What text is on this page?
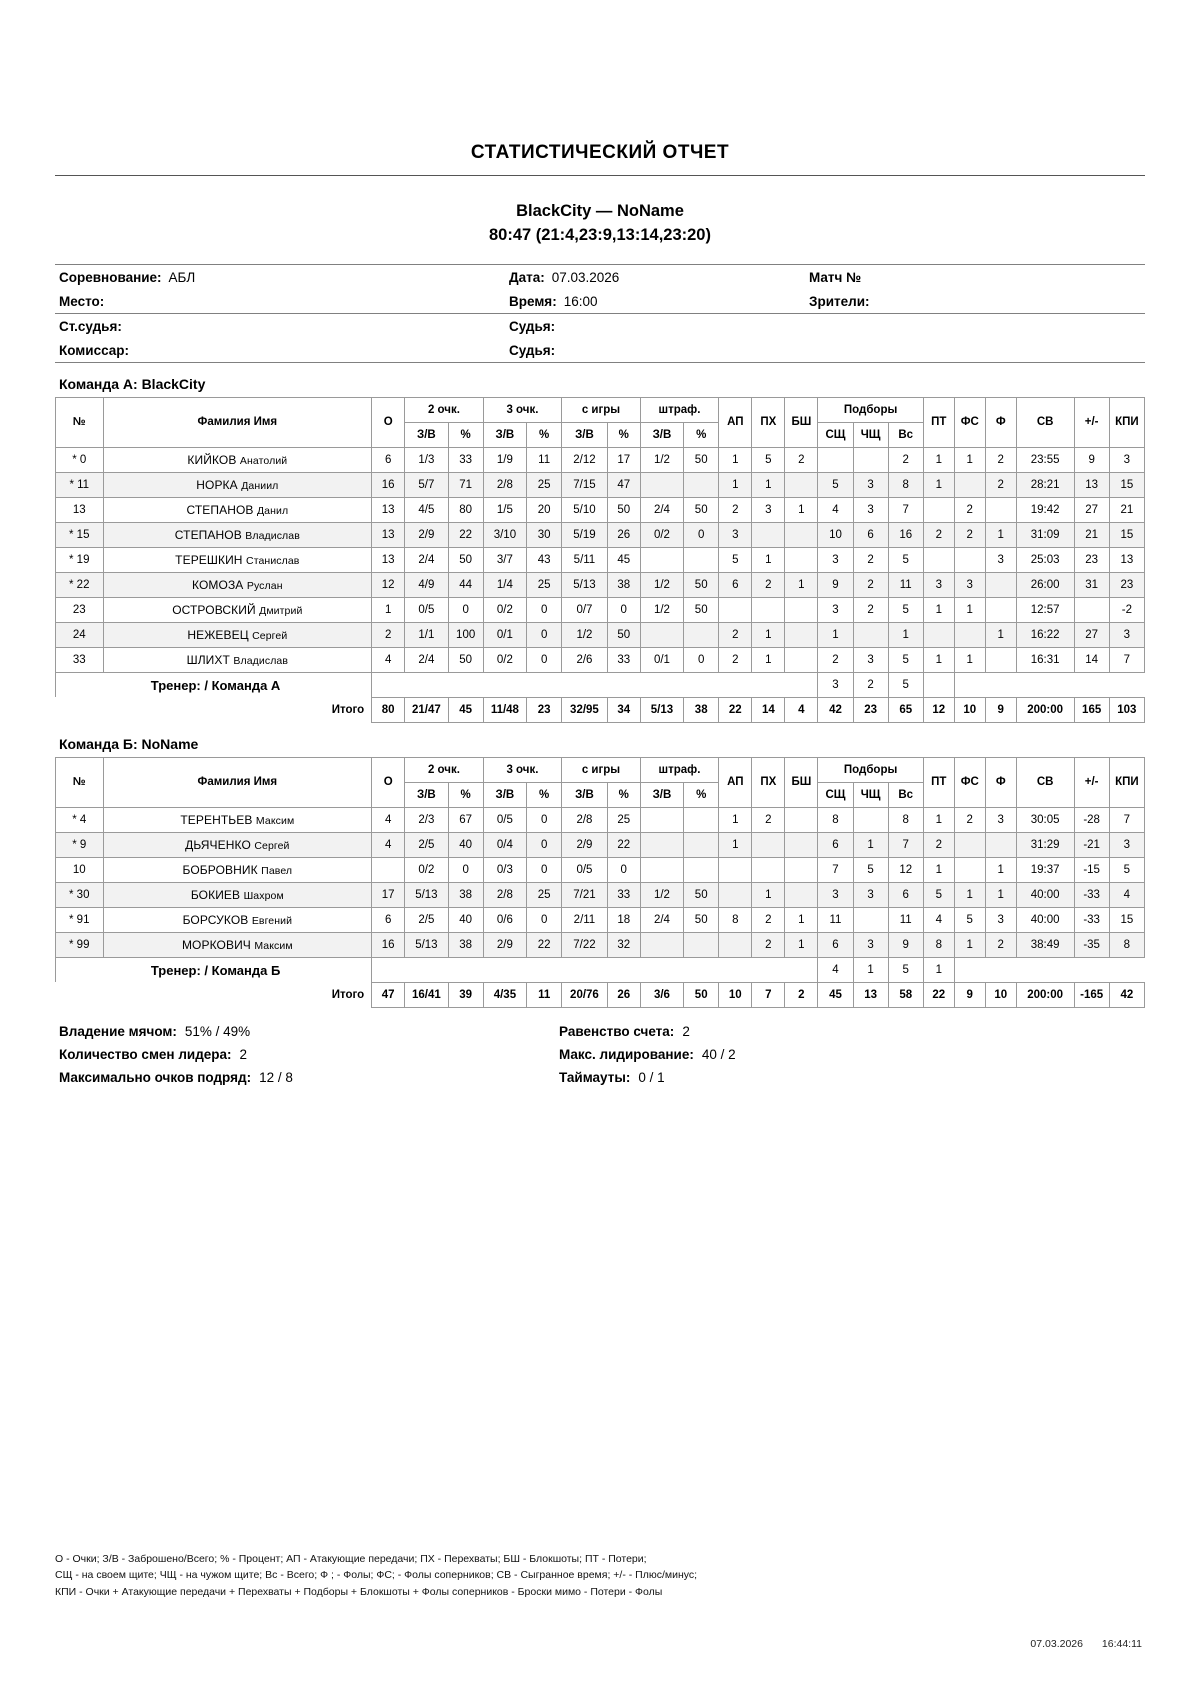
СТАТИСТИЧЕСКИЙ ОТЧЕТ
BlackCity — NoName
80:47 (21:4,23:9,13:14,23:20)
Соревнование: АБЛ	Дата: 07.03.2026	Матч №
Место:	Время: 16:00	Зрители:
Ст.судья:	Судья:
Комиссар:	Судья:
Команда А: BlackCity
№	Фамилия Имя	О	2 очк.		3 очк.		с игры		штраф.		АП	ПХ	БШ	Подборы			ПТ	ФС	Ф	СВ	+/-	КПИ
			З/В	%	З/В	%	З/В	%	З/В	%				СЩ	ЧЩ	Вс						
* 0	КИЙКОВ Анатолий	6	1/3	33	1/9	11	2/12	17	1/2	50	1	5	2			2	1	1	2	23:55	9	3
* 11	НОРКА Даниил	16	5/7	71	2/8	25	7/15	47			1	1		5	3	8	1		2	28:21	13	15
13	СТЕПАНОВ Данил	13	4/5	80	1/5	20	5/10	50	2/4	50	2	3	1	4	3	7		2		19:42	27	21
* 15	СТЕПАНОВ Владислав	13	2/9	22	3/10	30	5/19	26	0/2	0	3			10	6	16	2	2	1	31:09	21	15
* 19	ТЕРЕШКИН Станислав	13	2/4	50	3/7	43	5/11	45			5	1		3	2	5			3	25:03	23	13
* 22	КОМОЗА Руслан	12	4/9	44	1/4	25	5/13	38	1/2	50	6	2	1	9	2	11	3	3		26:00	31	23
23	ОСТРОВСКИЙ Дмитрий	1	0/5	0	0/2	0	0/7	0	1/2	50				3	2	5	1	1		12:57		-2
24	НЕЖЕВЕЦ Сергей	2	1/1	100	0/1	0	1/2	50			2	1		1		1			1	16:22	27	3
33	ШЛИХТ Владислав	4	2/4	50	0/2	0	2/6	33	0/1	0	2	1		2	3	5	1	1		16:31	14	7
Тренер: / Команда А														3	2	5						
Итого		80	21/47	45	11/48	23	32/95	34	5/13	38	22	14	4	42	23	65	12	10	9	200:00	165	103
Команда Б: NoName
№	Фамилия Имя	О	2 очк.		3 очк.		с игры		штраф.		АП	ПХ	БШ	Подборы			ПТ	ФС	Ф	СВ	+/-	КПИ
			З/В	%	З/В	%	З/В	%	З/В	%				СЩ	ЧЩ	Вс						
* 4	ТЕРЕНТЬЕВ Максим	4	2/3	67	0/5	0	2/8	25			1	2		8		8	1	2	3	30:05	-28	7
* 9	ДЬЯЧЕНКО Сергей	4	2/5	40	0/4	0	2/9	22			1			6	1	7	2			31:29	-21	3
10	БОБРОВНИК Павел		0/2	0	0/3	0	0/5	0						7	5	12	1		1	19:37	-15	5
* 30	БОКИЕВ Шахром	17	5/13	38	2/8	25	7/21	33	1/2	50		1		3	3	6	5	1	1	40:00	-33	4
* 91	БОРСУКОВ Евгений	6	2/5	40	0/6	0	2/11	18	2/4	50	8	2	1	11		11	4	5	3	40:00	-33	15
* 99	МОРКОВИЧ Максим	16	5/13	38	2/9	22	7/22	32				2	1	6	3	9	8	1	2	38:49	-35	8
Тренер: / Команда Б														4	1	5	1					
Итого		47	16/41	39	4/35	11	20/76	26	3/6	50	10	7	2	45	13	58	22	9	10	200:00	-165	42
Владение мячом: 51% / 49%	Равенство счета: 2
Количество смен лидера: 2	Макс. лидирование: 40 / 2
Максимально очков подряд: 12 / 8	Таймауты: 0 / 1
О - Очки; З/В - Заброшено/Всего; % - Процент; АП - Атакующие передачи; ПХ - Перехваты; БШ - Блокшоты; ПТ - Потери;
СЩ - на своем щите; ЧЩ - на чужом щите; Вс - Всего; Ф ; - Фолы; ФС; - Фолы соперников; СВ - Сыгранное время; +/- - Плюс/минус;
КПИ - Очки + Атакующие передачи + Перехваты + Подборы + Блокшоты + Фолы соперников - Броски мимо - Потери - Фолы
07.03.2026 16:44:11
